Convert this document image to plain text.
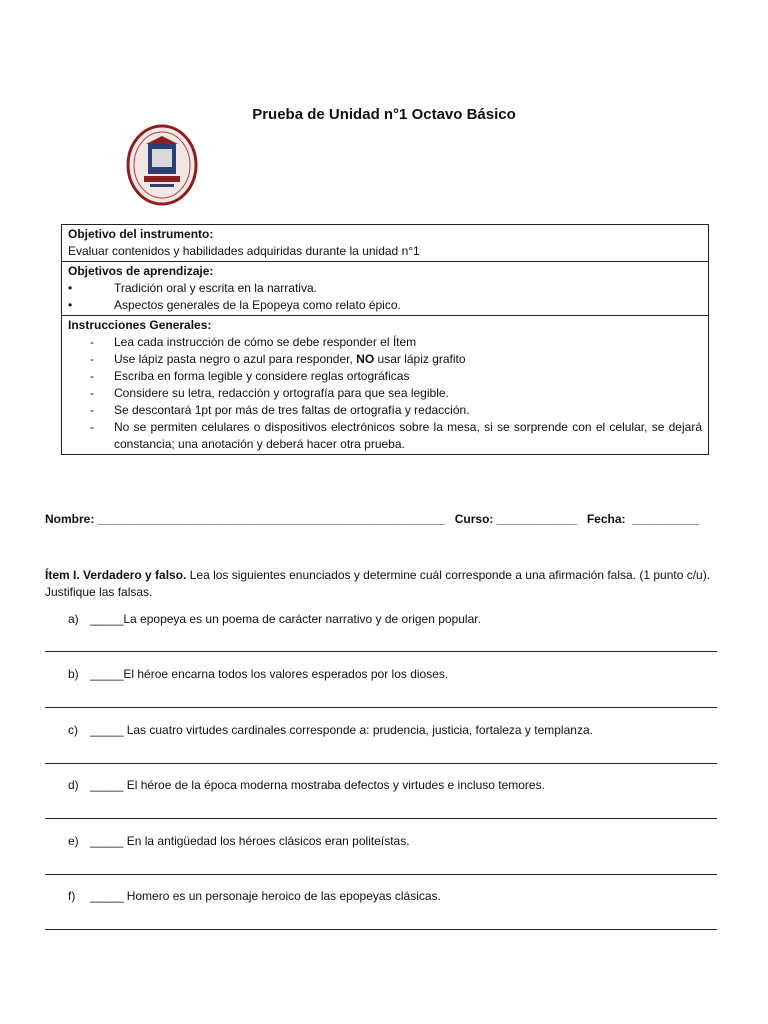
Prueba de Unidad n°1 Octavo Básico
Objetivo del instrumento:
Evaluar contenidos y habilidades adquiridas durante la unidad n°1
Objetivos de aprendizaje:
•	Tradición oral y escrita en la narrativa.
•	Aspectos generales de la Epopeya como relato épico.
Instrucciones Generales:
-	Lea cada instrucción de cómo se debe responder el Ítem
-	Use lápiz pasta negro o azul para responder, NO usar lápiz grafito
-	Escriba en forma legible y considere reglas ortográficas
-	Considere su letra, redacción y ortografía para que sea legible.
-	Se descontará 1pt por más de tres faltas de ortografía y redacción.
-	No se permiten celulares o dispositivos electrónicos sobre la mesa, si se sorprende con el celular, se dejará constancia; una anotación y deberá hacer otra prueba.
Nombre: ____________________________________________________ Curso: ____________ Fecha:  __________
Ítem I. Verdadero y falso. Lea los siguientes enunciados y determine cuál corresponde a una afirmación falsa. (1 punto c/u). Justifique las falsas.
a) _____La epopeya es un poema de carácter narrativo y de origen popular.
b) _____El héroe encarna todos los valores esperados por los dioses.
c) _____ Las cuatro virtudes cardinales corresponde a: prudencia, justicia, fortaleza y templanza.
d) _____ El héroe de la época moderna mostraba defectos y virtudes e incluso temores.
e) _____ En la antigüedad los héroes clásicos eran politeístas.
f) _____ Homero es un personaje heroico de las epopeyas clásicas.
